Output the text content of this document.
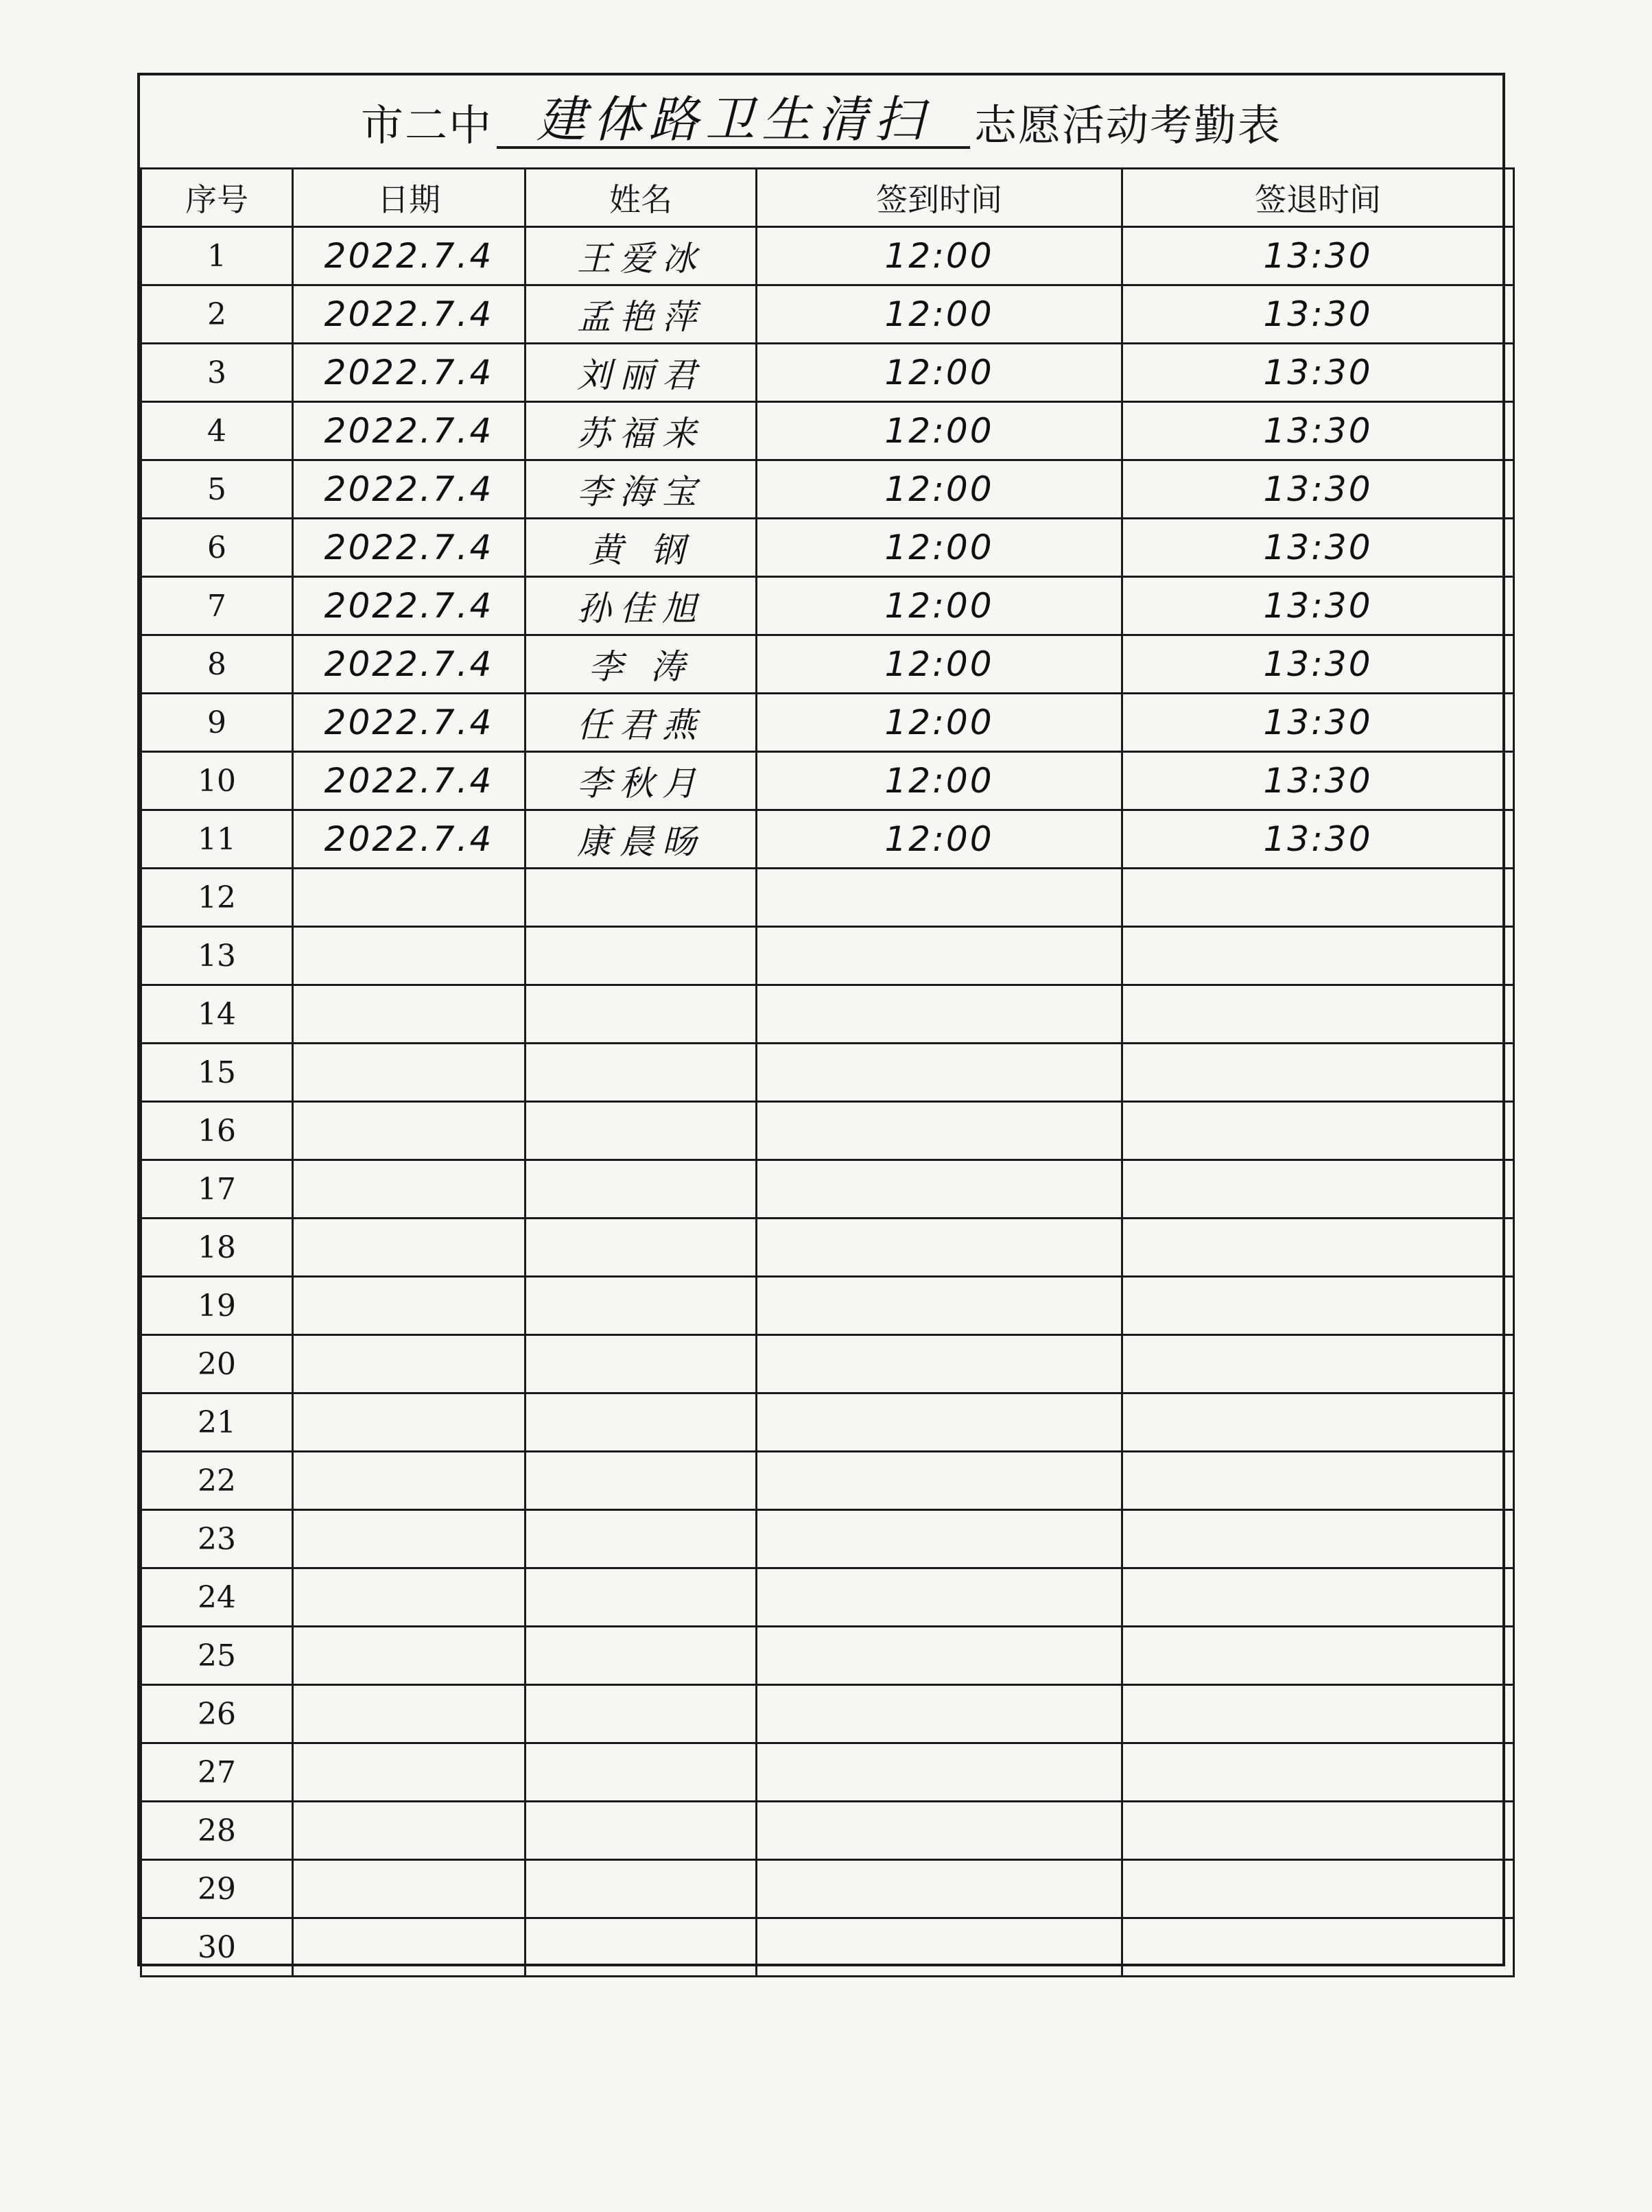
市二中 建体路卫生清扫	志愿活动考勤表
序号	日期	姓名	签到时间	签退时间
1	2022.7.4	王爱冰	12:00	13:30
2	2022.7.4	孟艳萍	12:00	13:30
3	2022.7.4	刘丽君	12:00	13:30
4	2022.7.4	苏福来	12:00	13:30
5	2022.7.4	李海宝	12:00	13:30
6	2022.7.4	黄 钢	12:00	13:30
7	2022.7.4	孙佳旭	12:00	13:30
8	2022.7.4	李 涛	12:00	13:30
9	2022.7.4	任君燕	12:00	13:30
10	2022.7.4	李秋月	12:00	13:30
11	2022.7.4	康晨旸	12:00	13:30
12				
13				
14				
15				
16				
17				
18				
19				
20				
21				
22				
23				
24				
25				
26				
27				
28				
29				
30				
